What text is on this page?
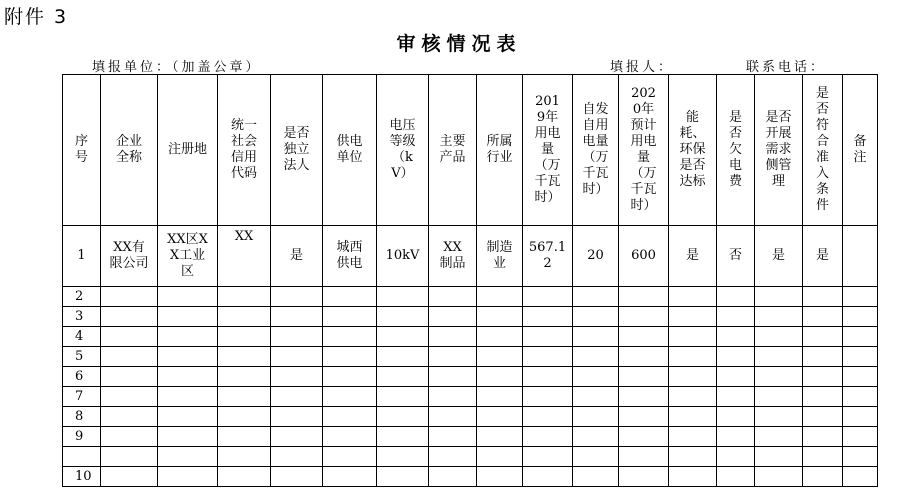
附件 3
审核情况表
填报单位：（加盖公章）	填报人：	联系电话：
序号	企业全称	注册地	统一社会信用代码	是否独立法人	供电单位	电压等级（kV）	主要产品	所属行业	2019年用电量（万千瓦时）	自发自用电量（万千瓦时）	2020年预计用电量（万千瓦时）	能耗、环保是否达标	是否欠电费	是否开展需求侧管理	是否符合准入条件	备注
1	XX有限公司	XX区XX工业区	XX	是	城西供电	10kV	XX制品	制造业	567.12	20	600	是	否	是	是	
2																
3																
4																
5																
6																
7																
8																
9																

10																
